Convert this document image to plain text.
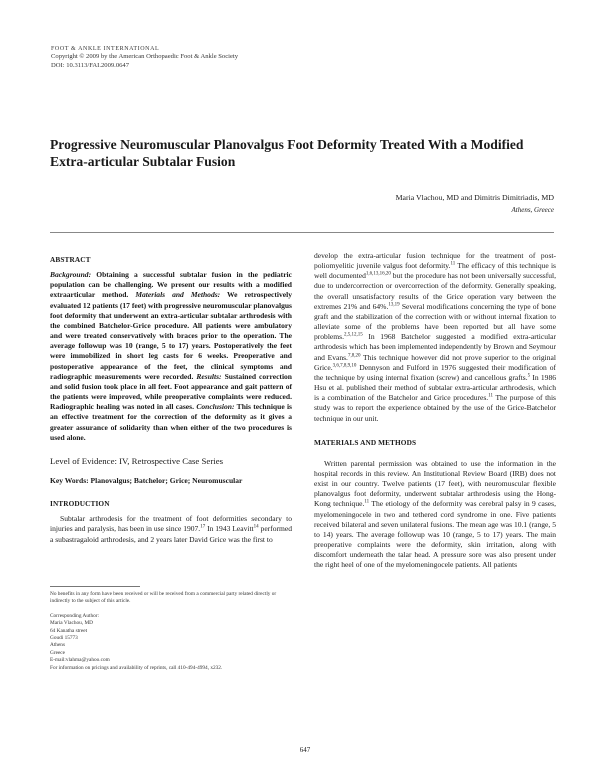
FOOT & ANKLE INTERNATIONAL
Copyright © 2009 by the American Orthopaedic Foot & Ankle Society
DOI: 10.3113/FAI.2009.0647
Progressive Neuromuscular Planovalgus Foot Deformity Treated With a Modified Extra-articular Subtalar Fusion
Maria Vlachou, MD and Dimitris Dimitriadis, MD
Athens, Greece
ABSTRACT
Background: Obtaining a successful subtalar fusion in the pediatric population can be challenging. We present our results with a modified extraarticular method. Materials and Methods: We retrospectively evaluated 12 patients (17 feet) with progressive neuromuscular planovalgus foot deformity that underwent an extra-articular subtalar arthrodesis with the combined Batchelor-Grice procedure. All patients were ambulatory and were treated conservatively with braces prior to the operation. The average followup was 10 (range, 5 to 17) years. Postoperatively the feet were immobilized in short leg casts for 6 weeks. Preoperative and postoperative appearance of the feet, the clinical symptoms and radiographic measurements were recorded. Results: Sustained correction and solid fusion took place in all feet. Foot appearance and gait pattern of the patients were improved, while preoperative complaints were reduced. Radiographic healing was noted in all cases. Conclusion: This technique is an effective treatment for the correction of the deformity as it gives a greater assurance of solidarity than when either of the two procedures is used alone.
Level of Evidence: IV, Retrospective Case Series
Key Words: Planovalgus; Batchelor; Grice; Neuromuscular
INTRODUCTION

Subtalar arthrodesis for the treatment of foot deformities secondary to injuries and paralysis, has been in use since 1907.17 In 1943 Leavitt$^{14}$ performed a subastragaloid arthrodesis, and 2 years later David Grice was the first to

No benefits in any form have been received or will be received from a commercial party related directly or indirectly to the subject of this article.

Corresponding Author:

Maria Vlachou, MD

64 Kanatha street

Goudi 15773

Athens

Greece

E-mail:vlahma@yahoo.com

For information on pricings and availability of reprints, call 410-494-4994, x232.

develop the extra-articular fusion technique for the treatment of post-poliomyelitic juvenile valgus foot deformity.$^{11}$ The efficacy of this technique is well documented$^{1,6,13,16,20}$ but the procedure has not been universally successful, due to undercorrection or overcorrection of the deformity. Generally speaking, the overall unsatisfactory results of the Grice operation vary between the extremes 21% and 64%.$^{13,19}$ Several modifications concerning the type of bone graft and the stabilization of the correction with or without internal fixation to alleviate some of the problems have been reported but all have some problems.$^{2,5,12,15}$ In 1968 Batchelor suggested a modified extra-articular arthrodesis which has been implemented independently by Brown and Seymour and Evans.$^{7,8,20}$ This technique however did not prove superior to the original Grice.$^{3,6,7,8,9,10}$ Dennyson and Fulford in 1976 suggested their modification of the technique by using internal fixation (screw) and cancellous grafts.$^5$ In 1986 Hsu et al. published their method of subtalar extra-articular arthrodesis, which is a combination of the Batchelor and Grice procedures.$^{11}$ The purpose of this study was to report the experience obtained by the use of the Grice-Batchelor technique in our unit.

MATERIALS AND METHODS

Written parental permission was obtained to use the information in the hospital records in this review. An Institutional Review Board (IRB) does not exist in our country. Twelve patients (17 feet), with neuromuscular flexible planovalgus foot deformity, underwent subtalar arthrodesis using the Hong-Kong technique.$^{11}$ The etiology of the deformity was cerebral palsy in 9 cases, myelomeningocele in two and tethered cord syndrome in one. Five patients received bilateral and seven unilateral fusions. The mean age was 10.1 (range, 5 to 14) years. The average followup was 10 (range, 5 to 17) years. The main preoperative complaints were the deformity, skin irritation, along with discomfort underneath the talar head. A pressure sore was also present under the right heel of one of the myelomeningocele patients. All patients

647
